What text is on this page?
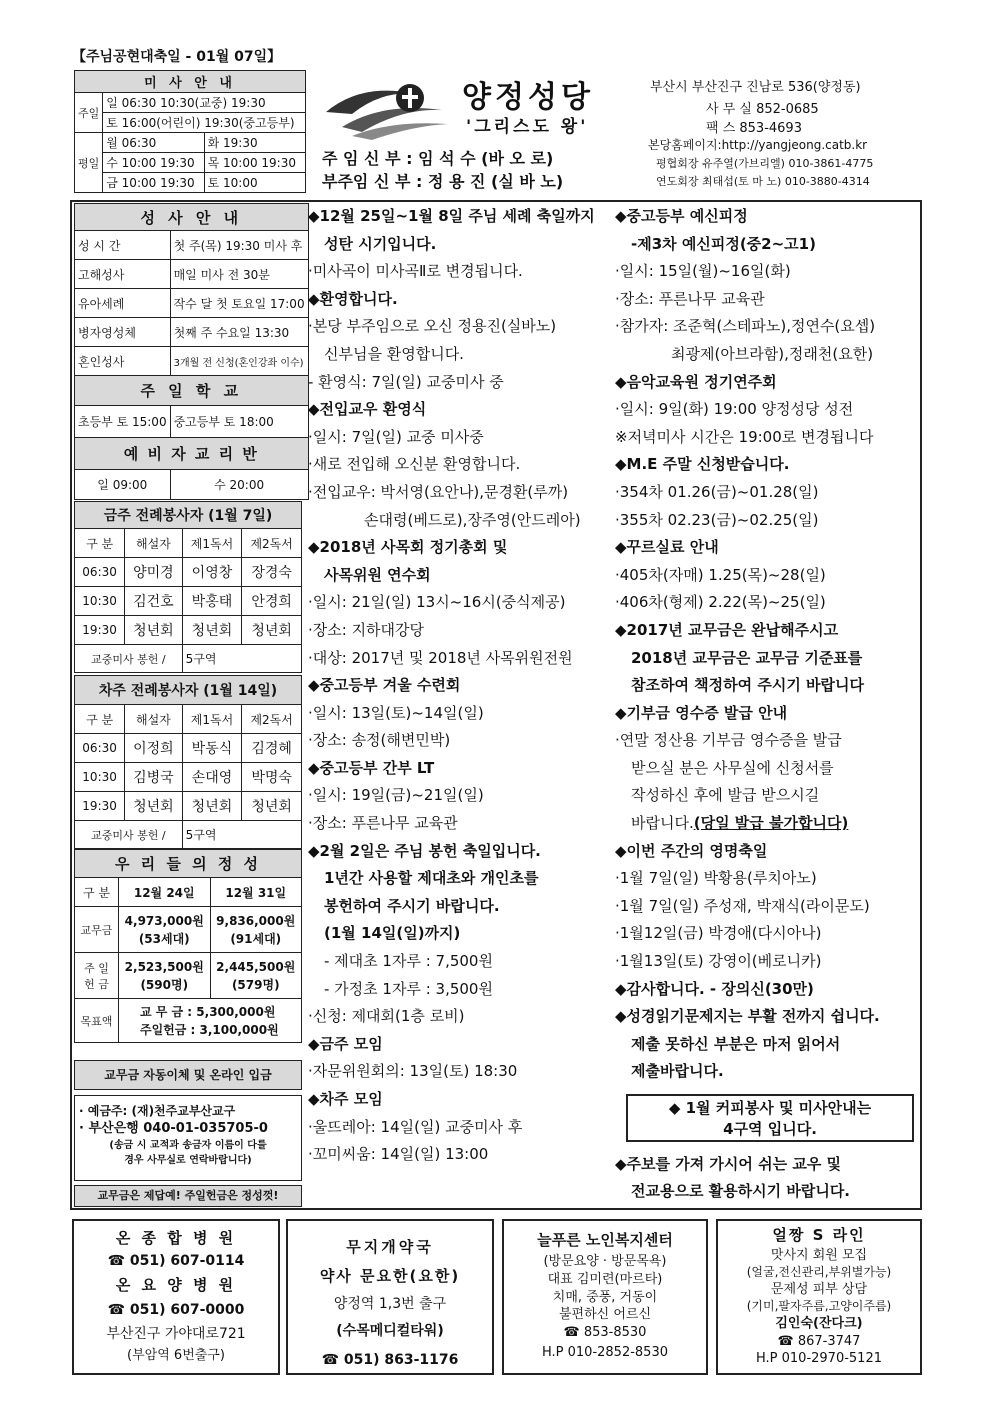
【주님공현대축일 - 01월 07일】
미 사 안 내		
주일	일 06:30 10:30(교중) 19:30	
	토 16:00(어린이) 19:30(중고등부)	
평일	월 06:30	화 19:30
	수 10:00 19:30	목 10:00 19:30
	금 10:00 19:30	토 10:00
양정성당
'그리스도 왕'
주 임 신 부 : 임 석 수 (바 오 로)
부주임 신 부 : 정 용 진 (실 바 노)
부산시 부산진구 진남로 536(양정동)
사 무 실 852-0685
팩 스 853-4693
본당홈페이지:http://yangjeong.catb.kr
평협회장 유주열(가브리엘) 010-3861-4775
연도회장 최태섭(토 마 노) 010-3880-4314
성 사 안 내	
성 시 간	첫 주(목) 19:30 미사 후
고해성사	매일 미사 전 30분
유아세례	작수 달 첫 토요일 17:00
병자영성체	첫째 주 수요일 13:30
혼인성사	3개월 전 신청(혼인강좌 이수)
주 일 학 교	
초등부 토 15:00	중고등부 토 18:00
예 비 자 교 리 반	
일 09:00	수 20:00
금주 전례봉사자 (1월 7일)			
구 분	해설자	제1독서	제2독서
06:30	양미경	이영창	장경숙
10:30	김건호	박홍태	안경희
19:30	청년회	청년회	청년회
교중미사 봉헌 /		5구역	
차주 전례봉사자 (1월 14일)			
구 분	해설자	제1독서	제2독서
06:30	이정희	박동식	김경혜
10:30	김병국	손대영	박명숙
19:30	청년회	청년회	청년회
교중미사 봉헌 /		5구역	
우 리 들 의 정 성		
구 분	12월 24일	12월 31일
교무금	4,973,000원 (53세대)	9,836,000원 (91세대)
주 일 헌 금	2,523,500원 (590명)	2,445,500원 (579명)
목표액	교 무 금 : 5,300,000원
주일헌금 : 3,100,000원	
교무금 자동이체 및 온라인 입금
· 예금주: (재)천주교부산교구
· 부산은행 040-01-035705-0
(송금 시 교적과 송금자 이름이 다를
경우 사무실로 연락바랍니다)
교무금은 제답예! 주일헌금은 정성껏!
◆12월 25일~1월 8일 주님 세례 축일까지
성탄 시기입니다.
·미사곡이 미사곡Ⅱ로 변경됩니다.
◆환영합니다.
·본당 부주임으로 오신 정용진(실바노)
신부님을 환영합니다.
- 환영식: 7일(일) 교중미사 중
◆전입교우 환영식
·일시: 7일(일) 교중 미사중
·새로 전입해 오신분 환영합니다.
·전입교우: 박서영(요안나),문경환(루까)
손대령(베드로),장주영(안드레아)
◆2018년 사목회 정기총회 및
사목위원 연수회
·일시: 21일(일) 13시~16시(중식제공)
·장소: 지하대강당
·대상: 2017년 및 2018년 사목위원전원
◆중고등부 겨울 수련회
·일시: 13일(토)~14일(일)
·장소: 송정(해변민박)
◆중고등부 간부 LT
·일시: 19일(금)~21일(일)
·장소: 푸른나무 교육관
◆2월 2일은 주님 봉헌 축일입니다.
1년간 사용할 제대초와 개인초를
봉헌하여 주시기 바랍니다.
(1월 14일(일)까지)
- 제대초 1자루 : 7,500원
- 가정초 1자루 : 3,500원
·신청: 제대회(1층 로비)
◆금주 모임
·자문위원회의: 13일(토) 18:30
◆차주 모임
·울뜨레아: 14일(일) 교중미사 후
·꼬미씨움: 14일(일) 13:00
◆중고등부 예신피정
-제3차 예신피정(중2~고1)
·일시: 15일(월)~16일(화)
·장소: 푸른나무 교육관
·참가자: 조준혁(스테파노),정연수(요셉)
최광제(아브라함),정래천(요한)
◆음악교육원 정기연주회
·일시: 9일(화) 19:00 양정성당 성전
※저녁미사 시간은 19:00로 변경됩니다
◆M.E 주말 신청받습니다.
·354차 01.26(금)~01.28(일)
·355차 02.23(금)~02.25(일)
◆꾸르실료 안내
·405차(자매) 1.25(목)~28(일)
·406차(형제) 2.22(목)~25(일)
◆2017년 교무금은 완납해주시고
2018년 교무금은 교무금 기준표를
참조하여 책정하여 주시기 바랍니다
◆기부금 영수증 발급 안내
·연말 정산용 기부금 영수증을 발급
받으실 분은 사무실에 신청서를
작성하신 후에 발급 받으시길
바랍니다.(당일 발급 불가합니다)
◆이번 주간의 영명축일
·1월 7일(일) 박황용(루치아노)
·1월 7일(일) 주성재, 박재식(라이문도)
·1월12일(금) 박경애(다시아나)
·1월13일(토) 강영이(베로니카)
◆감사합니다. - 장의신(30만)
◆성경읽기문제지는 부활 전까지 쉽니다.
제출 못하신 부분은 마저 읽어서
제출바랍니다.
◆ 1월 커피봉사 및 미사안내는
4구역 입니다.
◆주보를 가져 가시어 쉬는 교우 및
전교용으로 활용하시기 바랍니다.
온 종 합 병 원
☎ 051) 607-0114
온 요 양 병 원
☎ 051) 607-0000
부산진구 가야대로721
(부암역 6번출구)
무지개약국
약사 문요한(요한)
양정역 1,3번 출구
(수목메디컬타워)
☎ 051) 863-1176
늘푸른 노인복지센터
(방문요양 · 방문목욕)
대표 김미련(마르타)
치매, 중풍, 거동이
불편하신 어르신
☎ 853-8530
H.P 010-2852-8530
얼짱 S 라인
맛사지 회원 모집
(얼굴,전신관리,부위별가능)
문제성 피부 상담
(기미,팔자주름,고양이주름)
김인숙(잔다크)
☎ 867-3747
H.P 010-2970-5121
